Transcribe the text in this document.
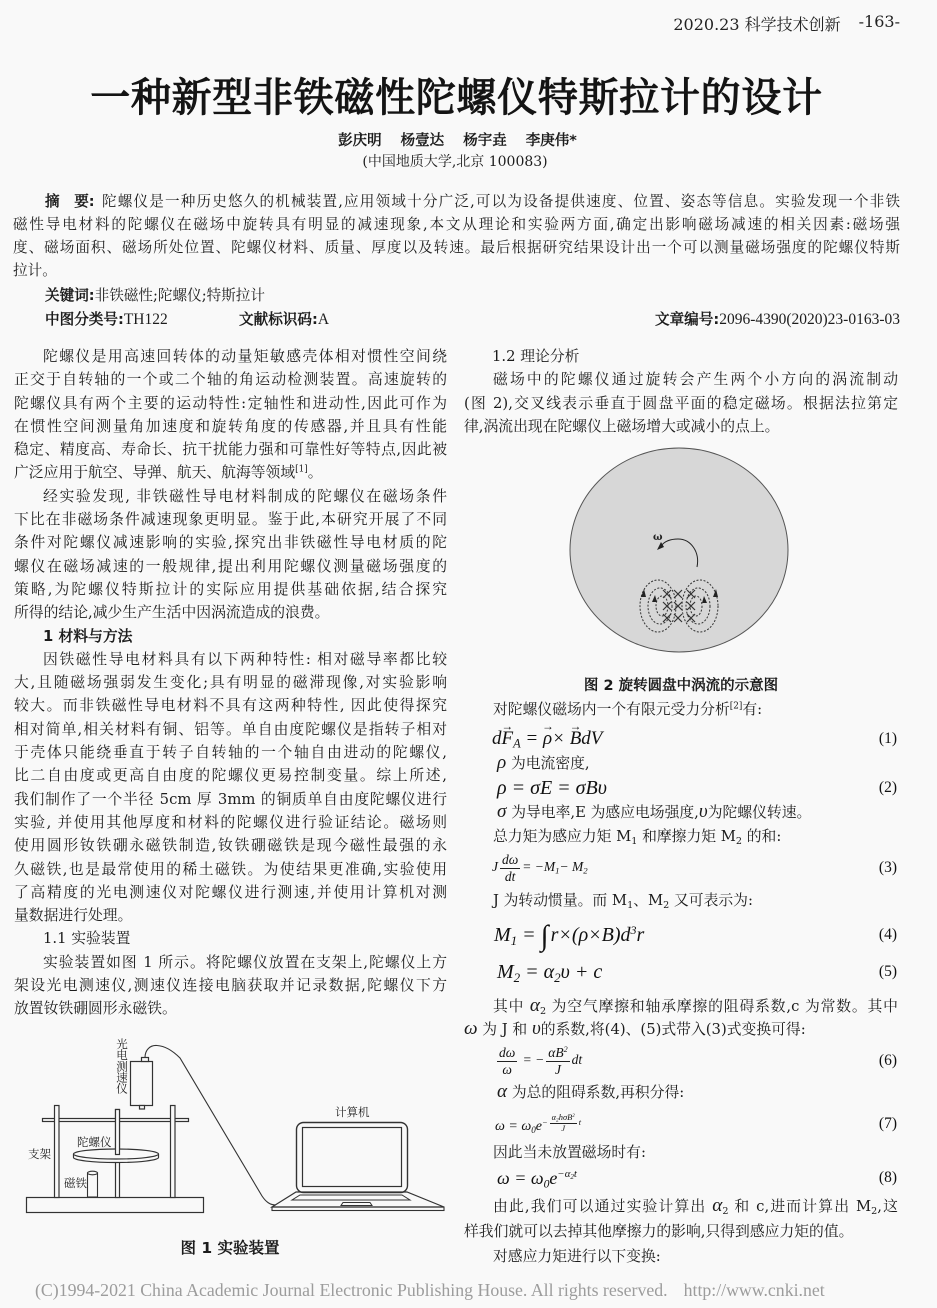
2020.23 科学技术创新 -163-
一种新型非铁磁性陀螺仪特斯拉计的设计
彭庆明 杨壹达 杨宇垚 李庚伟*
(中国地质大学,北京 100083)
摘　要: 陀螺仪是一种历史悠久的机械装置,应用领域十分广泛,可以为设备提供速度、位置、姿态等信息。实验发现一个非铁
磁性导电材料的陀螺仪在磁场中旋转具有明显的减速现象,本文从理论和实验两方面,确定出影响磁场减速的相关因素:磁场强
度、磁场面积、磁场所处位置、陀螺仪材料、质量、厚度以及转速。最后根据研究结果设计出一个可以测量磁场强度的陀螺仪特斯
拉计。
关键词:非铁磁性;陀螺仪;特斯拉计
中图分类号:TH122	文献标识码:A	文章编号:2096-4390(2020)23-0163-03
陀螺仪是用高速回转体的动量矩敏感壳体相对惯性空间绕
正交于自转轴的一个或二个轴的角运动检测装置。高速旋转的
陀螺仪具有两个主要的运动特性:定轴性和进动性,因此可作为
在惯性空间测量角加速度和旋转角度的传感器,并且具有性能
稳定、精度高、寿命长、抗干扰能力强和可靠性好等特点,因此被
广泛应用于航空、导弹、航天、航海等领域[1]。
经实验发现, 非铁磁性导电材料制成的陀螺仪在磁场条件
下比在非磁场条件减速现象更明显。鉴于此,本研究开展了不同
条件对陀螺仪减速影响的实验,探究出非铁磁性导电材质的陀
螺仪在磁场减速的一般规律,提出利用陀螺仪测量磁场强度的
策略,为陀螺仪特斯拉计的实际应用提供基础依据,结合探究
所得的结论,减少生产生活中因涡流造成的浪费。
1 材料与方法
因铁磁性导电材料具有以下两种特性: 相对磁导率都比较
大,且随磁场强弱发生变化;具有明显的磁滞现像,对实验影响
较大。而非铁磁性导电材料不具有这两种特性, 因此使得探究
相对简单,相关材料有铜、铝等。单自由度陀螺仪是指转子相对
于壳体只能绕垂直于转子自转轴的一个轴自由进动的陀螺仪,
比二自由度或更高自由度的陀螺仪更易控制变量。综上所述,
我们制作了一个半径 5cm 厚 3mm 的铜质单自由度陀螺仪进行
实验, 并使用其他厚度和材料的陀螺仪进行验证结论。磁场则
使用圆形钕铁硼永磁铁制造,钕铁硼磁铁是现今磁性最强的永
久磁铁,也是最常使用的稀土磁铁。为使结果更准确,实验使用
了高精度的光电测速仪对陀螺仪进行测速,并使用计算机对测
量数据进行处理。
1.1 实验装置
实验装置如图 1 所示。将陀螺仪放置在支架上,陀螺仪上方
架设光电测速仪,测速仪连接电脑获取并记录数据,陀螺仪下方
放置钕铁硼圆形永磁铁。
光电测速仪
支架
陀螺仪
磁铁
计算机
图 1 实验装置
1.2 理论分析
磁场中的陀螺仪通过旋转会产生两个小方向的涡流制动
(图 2),交叉线表示垂直于圆盘平面的稳定磁场。根据法拉第定
律,涡流出现在陀螺仪上磁场增大或减小的点上。
ω
图 2 旋转圆盘中涡流的示意图
对陀螺仪磁场内一个有限元受力分析[2]有:
dF $\to_A = \rho \to\times B \to dV$	(1)
ρ 为电流密度,
ρ = σE = σBυ	(2)
σ 为导电率,E 为感应电场强度,υ为陀螺仪转速。
总力矩为感应力矩 $M_1$ 和摩擦力矩 $M_2$ 的和:
J $\frac{d\omega}{dt} = -M_1- M_2$	(3)
J 为转动惯量。而 $M_1$、$M_2$ 又可表示为:
$M_1$ = ∫ $r\times(\rho\times B)d^3r$	(4)
$M_2 = \alpha_2\upsilon + c$	(5)
其中 $\alpha_2$ 为空气摩擦和轴承摩擦的阻碍系数,c 为常数。其中
ω 为 J 和 υ的系数,将(4)、(5)式带入(3)式变换可得:
$\frac{d\omega}{\omega}$ = − $\frac{\alpha B^2}{J}$ dt	(6)
α 为总的阻碍系数,再积分得:
$\omega = \omega_0e^{- \frac{\alpha_2h\sigma B^2}{J} t}$	(7)
因此当未放置磁场时有:
$\omega = \omega_0e^{-\alpha_2t}$	(8)
由此,我们可以通过实验计算出 $\alpha_2$ 和 c,进而计算出 $M_2$,这
样我们就可以去掉其他摩擦力的影响,只得到感应力矩的值。
对感应力矩进行以下变换:
(C)1994-2021 China Academic Journal Electronic Publishing House. All rights reserved. http://www.cnki.net
